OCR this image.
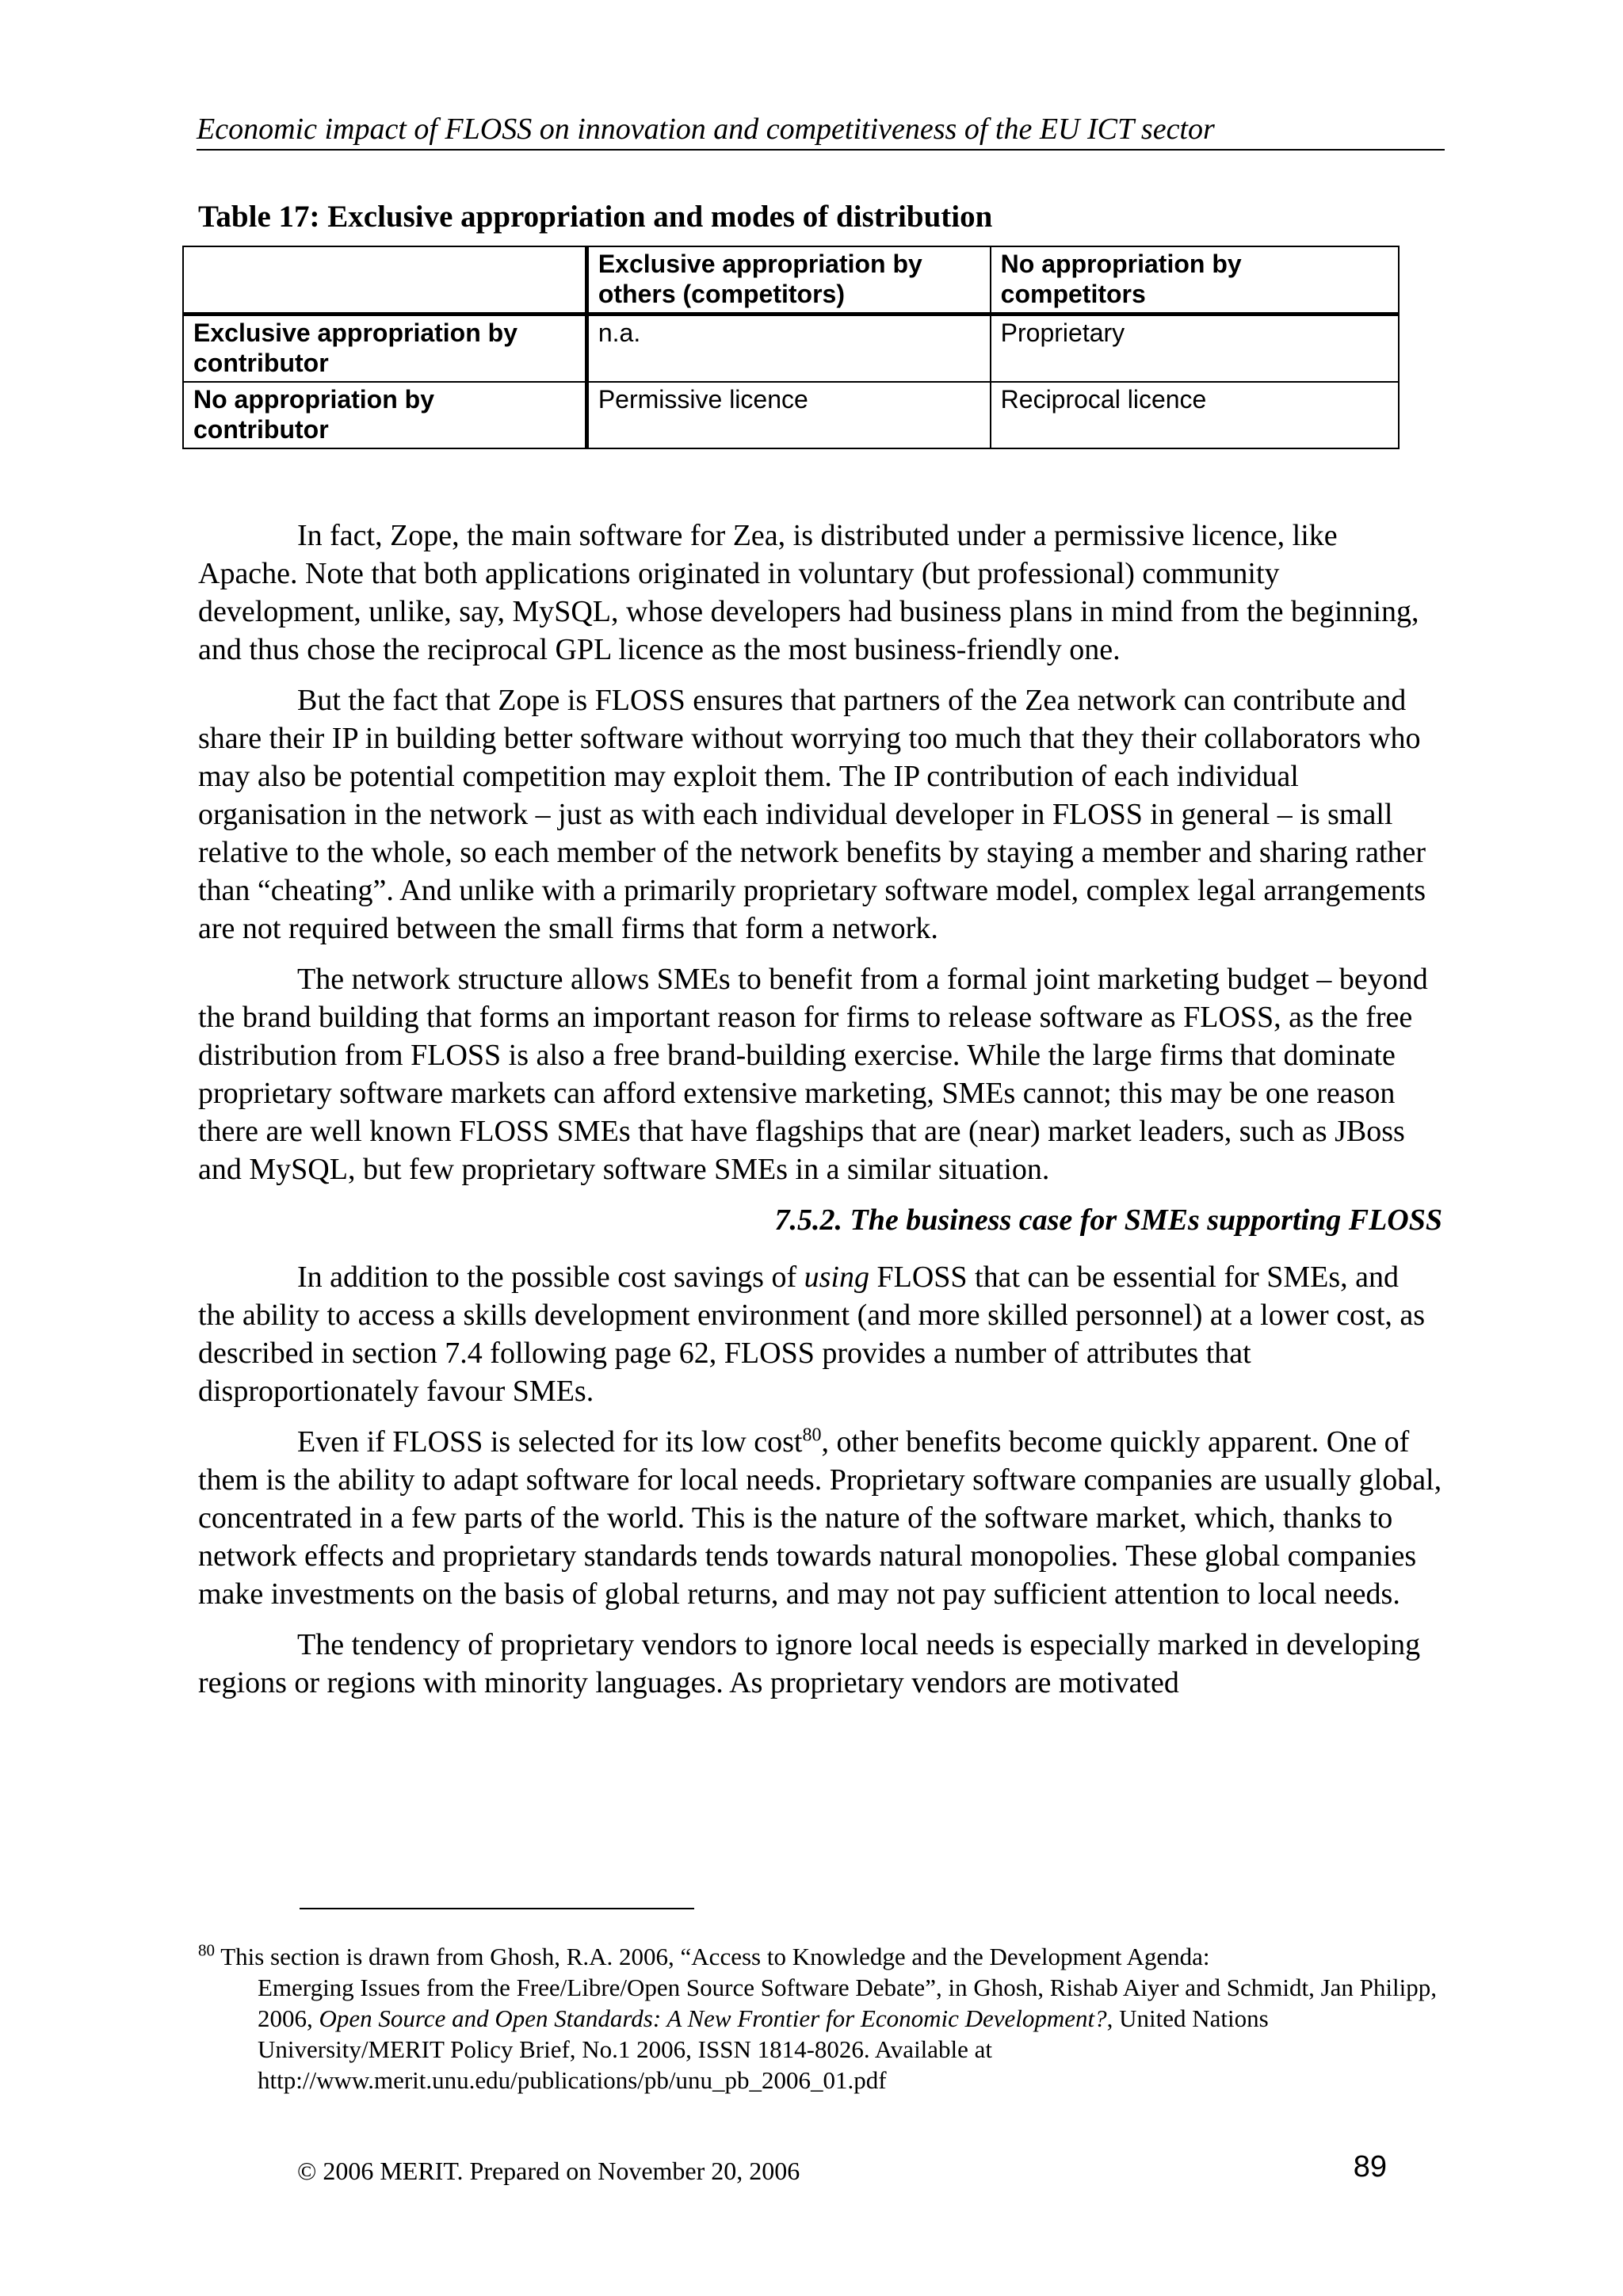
Economic impact of FLOSS on innovation and competitiveness of the EU ICT sector
Table 17: Exclusive appropriation and modes of distribution
	Exclusive appropriation by others (competitors)	No appropriation by competitors
Exclusive appropriation by contributor	n.a.	Proprietary
No appropriation by contributor	Permissive licence	Reciprocal licence

In fact, Zope, the main software for Zea, is distributed under a permissive licence, like Apache. Note that both applications originated in voluntary (but professional) community development, unlike, say, MySQL, whose developers had business plans in mind from the beginning, and thus chose the reciprocal GPL licence as the most business-friendly one.

But the fact that Zope is FLOSS ensures that partners of the Zea network can contribute and share their IP in building better software without worrying too much that they their collaborators who may also be potential competition may exploit them. The IP contribution of each individual organisation in the network – just as with each individual developer in FLOSS in general – is small relative to the whole, so each member of the network benefits by staying a member and sharing rather than “cheating”. And unlike with a primarily proprietary software model, complex legal arrangements are not required between the small firms that form a network.

The network structure allows SMEs to benefit from a formal joint marketing budget – beyond the brand building that forms an important reason for firms to release software as FLOSS, as the free distribution from FLOSS is also a free brand-building exercise. While the large firms that dominate proprietary software markets can afford extensive marketing, SMEs cannot; this may be one reason there are well known FLOSS SMEs that have flagships that are (near) market leaders, such as JBoss and MySQL, but few proprietary software SMEs in a similar situation.

7.5.2. The business case for SMEs supporting FLOSS

In addition to the possible cost savings of using FLOSS that can be essential for SMEs, and the ability to access a skills development environment (and more skilled personnel) at a lower cost, as described in section 7.4 following page 62, FLOSS provides a number of attributes that disproportionately favour SMEs.

Even if FLOSS is selected for its low cost$^{80}$, other benefits become quickly apparent. One of them is the ability to adapt software for local needs. Proprietary software companies are usually global, concentrated in a few parts of the world. This is the nature of the software market, which, thanks to network effects and proprietary standards tends towards natural monopolies. These global companies make investments on the basis of global returns, and may not pay sufficient attention to local needs.

The tendency of proprietary vendors to ignore local needs is especially marked in developing regions or regions with minority languages. As proprietary vendors are motivated

$^{80}$ This section is drawn from Ghosh, R.A. 2006, “Access to Knowledge and the Development Agenda:
Emerging Issues from the Free/Libre/Open Source Software Debate”, in Ghosh, Rishab Aiyer and Schmidt, Jan Philipp, 2006, Open Source and Open Standards: A New Frontier for Economic Development?, United Nations University/MERIT Policy Brief, No.1 2006, ISSN 1814-8026. Available at http://www.merit.unu.edu/publications/pb/unu_pb_2006_01.pdf
© 2006 MERIT. Prepared on November 20, 2006	89
